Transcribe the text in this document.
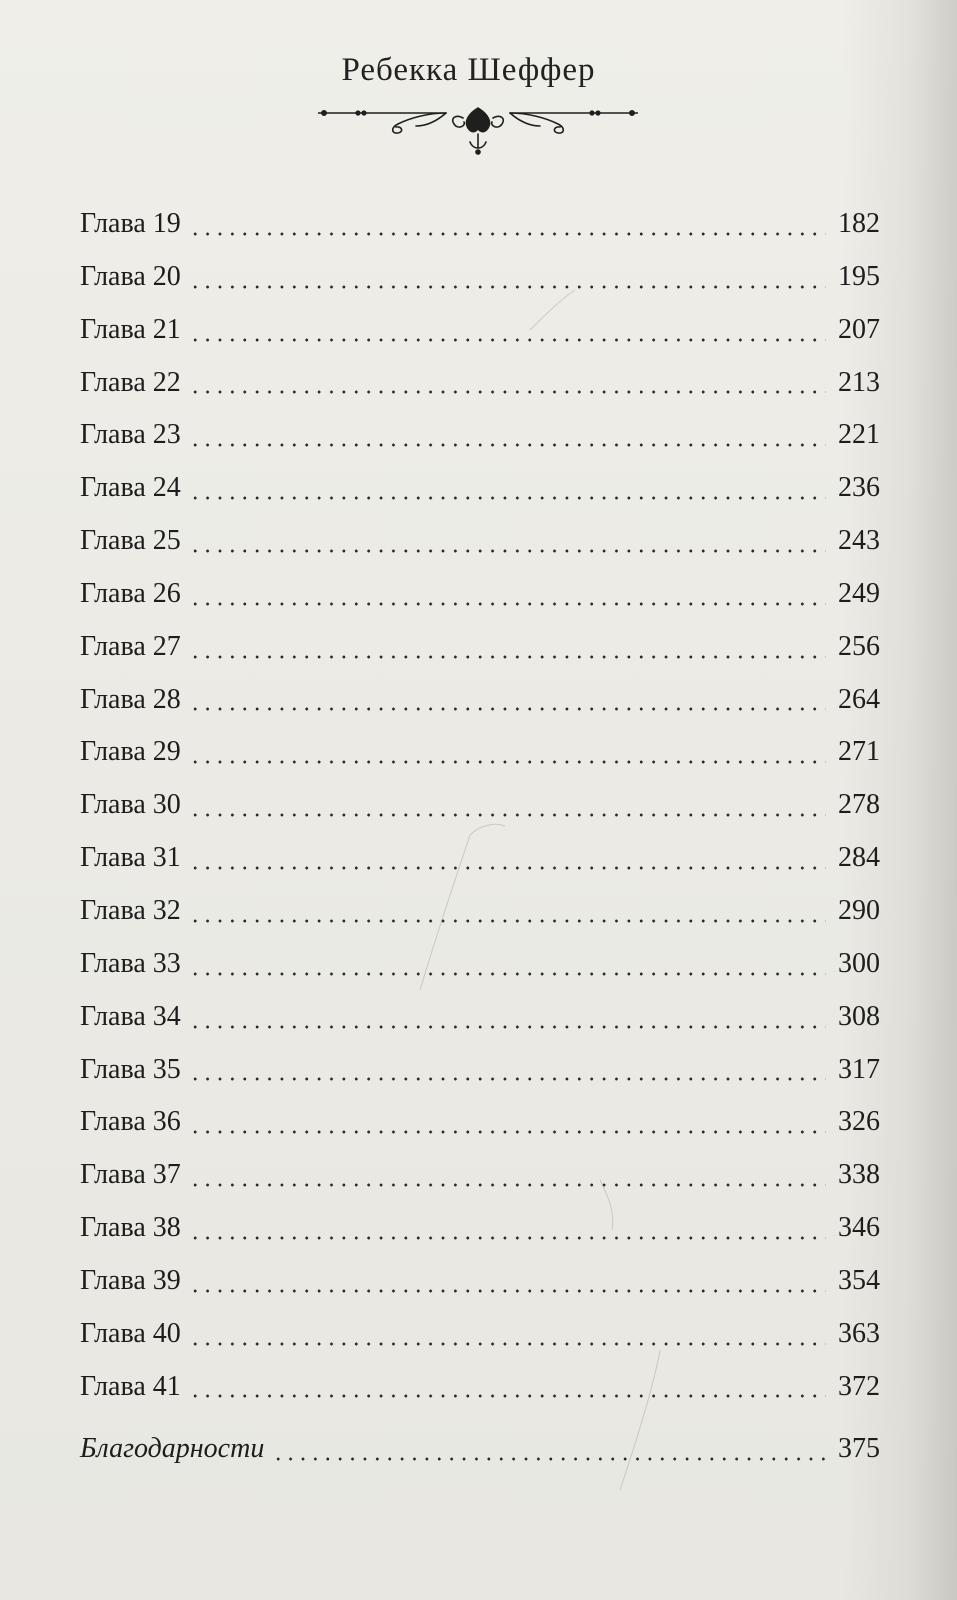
Ребекка Шеффер
Глава 19	182
Глава 20	195
Глава 21	207
Глава 22	213
Глава 23	221
Глава 24	236
Глава 25	243
Глава 26	249
Глава 27	256
Глава 28	264
Глава 29	271
Глава 30	278
Глава 31	284
Глава 32	290
Глава 33	300
Глава 34	308
Глава 35	317
Глава 36	326
Глава 37	338
Глава 38	346
Глава 39	354
Глава 40	363
Глава 41	372
Благодарности	375
